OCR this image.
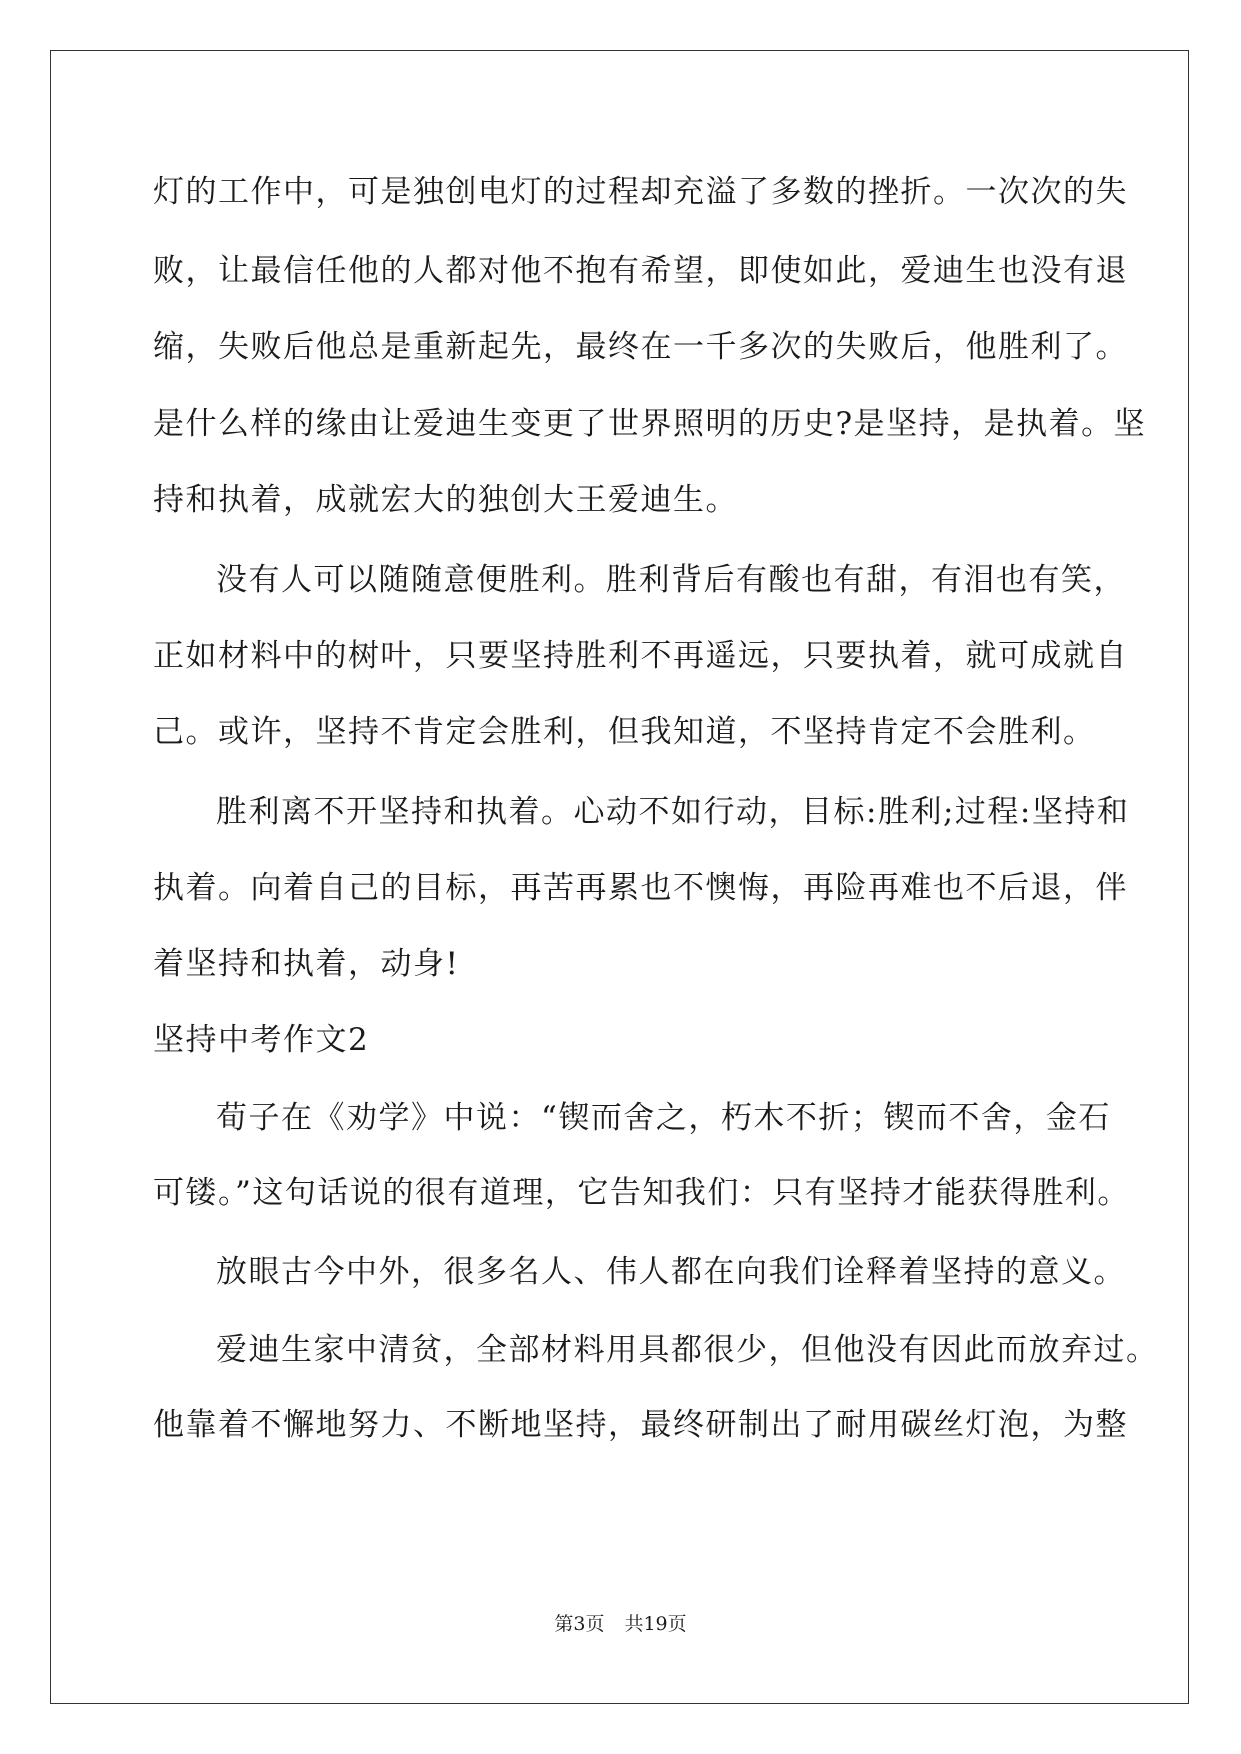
灯的工作中，可是独创电灯的过程却充溢了多数的挫折。一次次的失
败，让最信任他的人都对他不抱有希望，即使如此，爱迪生也没有退
缩，失败后他总是重新起先，最终在一千多次的失败后，他胜利了。
是什么样的缘由让爱迪生变更了世界照明的历史?是坚持，是执着。坚
持和执着，成就宏大的独创大王爱迪生。
没有人可以随随意便胜利。胜利背后有酸也有甜，有泪也有笑，
正如材料中的树叶，只要坚持胜利不再遥远，只要执着，就可成就自
己。或许，坚持不肯定会胜利，但我知道，不坚持肯定不会胜利。
胜利离不开坚持和执着。心动不如行动，目标:胜利;过程:坚持和
执着。向着自己的目标，再苦再累也不懊悔，再险再难也不后退，伴
着坚持和执着，动身!
坚持中考作文2
荀子在《劝学》中说：“锲而舍之，朽木不折；锲而不舍，金石
可镂。”这句话说的很有道理，它告知我们：只有坚持才能获得胜利。
放眼古今中外，很多名人、伟人都在向我们诠释着坚持的意义。
爱迪生家中清贫，全部材料用具都很少，但他没有因此而放弃过。
他靠着不懈地努力、不断地坚持，最终研制出了耐用碳丝灯泡，为整
第3页 共19页
